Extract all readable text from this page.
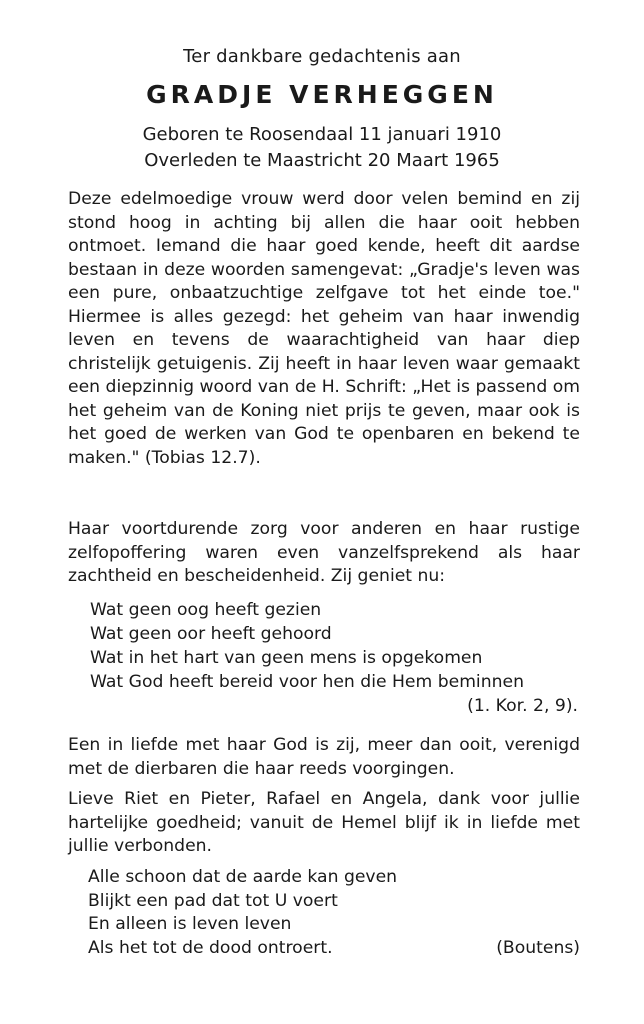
Ter dankbare gedachtenis aan
GRADJE VERHEGGEN
Geboren te Roosendaal 11 januari 1910
Overleden te Maastricht 20 Maart 1965
Deze edelmoedige vrouw werd door velen bemind en zij stond hoog in achting bij allen die haar ooit hebben ontmoet. Iemand die haar goed kende, heeft dit aardse bestaan in deze woorden samengevat: „Gradje's leven was een pure, onbaatzuchtige zelfgave tot het einde toe." Hiermee is alles gezegd: het geheim van haar inwendig leven en tevens de waarachtigheid van haar diep christelijk getuigenis. Zij heeft in haar leven waar gemaakt een diepzinnig woord van de H. Schrift: „Het is passend om het geheim van de Koning niet prijs te geven, maar ook is het goed de werken van God te openbaren en bekend te maken." (Tobias 12.7).
Haar voortdurende zorg voor anderen en haar rustige zelfopoffering waren even vanzelfsprekend als haar zachtheid en bescheidenheid. Zij geniet nu:
Wat geen oog heeft gezien
Wat geen oor heeft gehoord
Wat in het hart van geen mens is opgekomen
Wat God heeft bereid voor hen die Hem beminnen
(1. Kor. 2, 9).
Een in liefde met haar God is zij, meer dan ooit, verenigd met de dierbaren die haar reeds voorgingen.
Lieve Riet en Pieter, Rafael en Angela, dank voor jullie hartelijke goedheid; vanuit de Hemel blijf ik in liefde met jullie verbonden.
Alle schoon dat de aarde kan geven
Blijkt een pad dat tot U voert
En alleen is leven leven
Als het tot de dood ontroert.	(Boutens)
